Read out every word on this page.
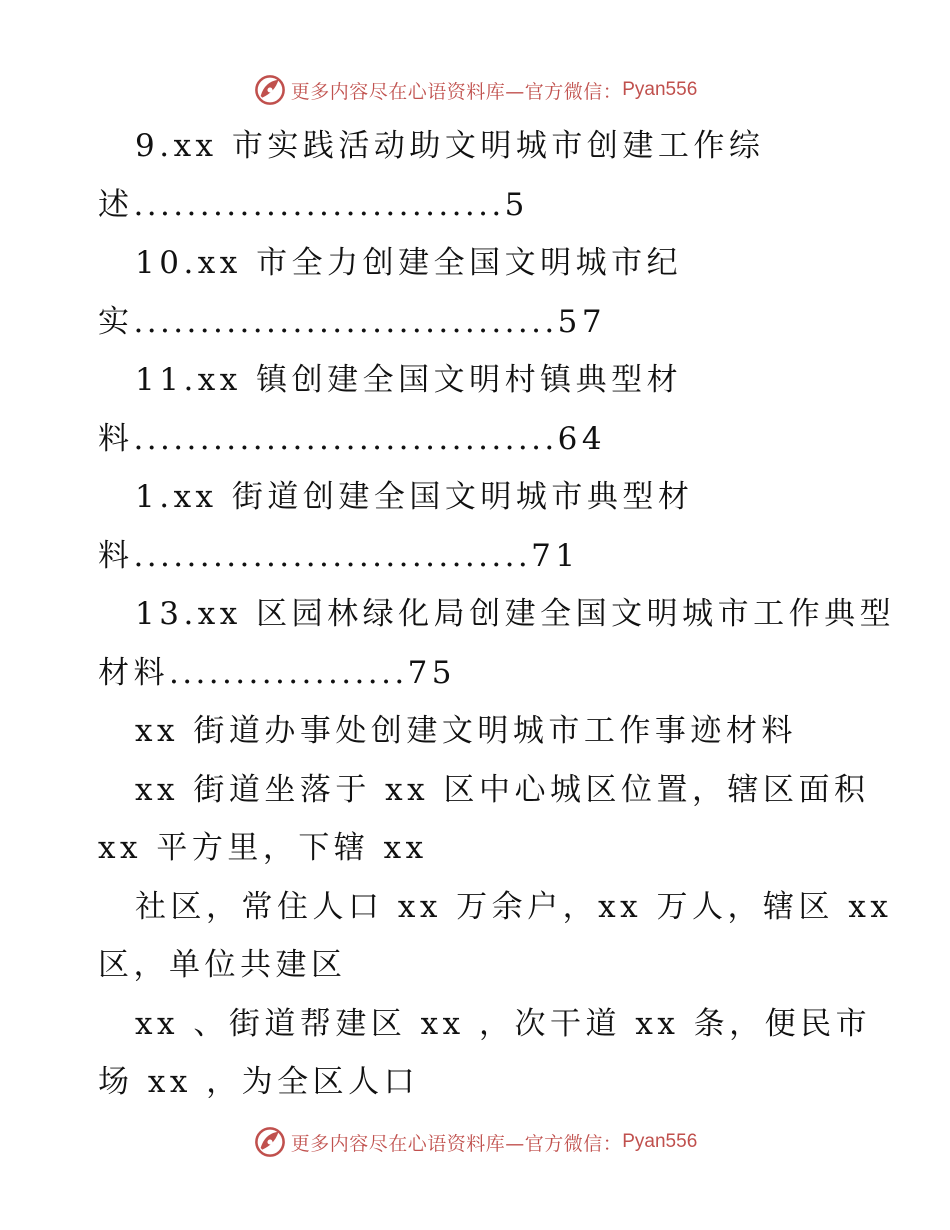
更多内容尽在心语资料库—官方微信： Pyan556
9.xx 市实践活动助文明城市创建工作综
述............................5
10.xx 市全力创建全国文明城市纪
实................................57
11.xx 镇创建全国文明村镇典型材
料................................64
1.xx 街道创建全国文明城市典型材
料..............................71
13.xx 区园林绿化局创建全国文明城市工作典型
材料..................75
xx 街道办事处创建文明城市工作事迹材料
xx 街道坐落于 xx 区中心城区位置，辖区面积
xx 平方里，下辖 xx
社区，常住人口 xx 万余户，xx 万人，辖区 xx
区，单位共建区
xx 、街道帮建区 xx ，次干道 xx 条，便民市
场 xx ，为全区人口
更多内容尽在心语资料库—官方微信： Pyan556
